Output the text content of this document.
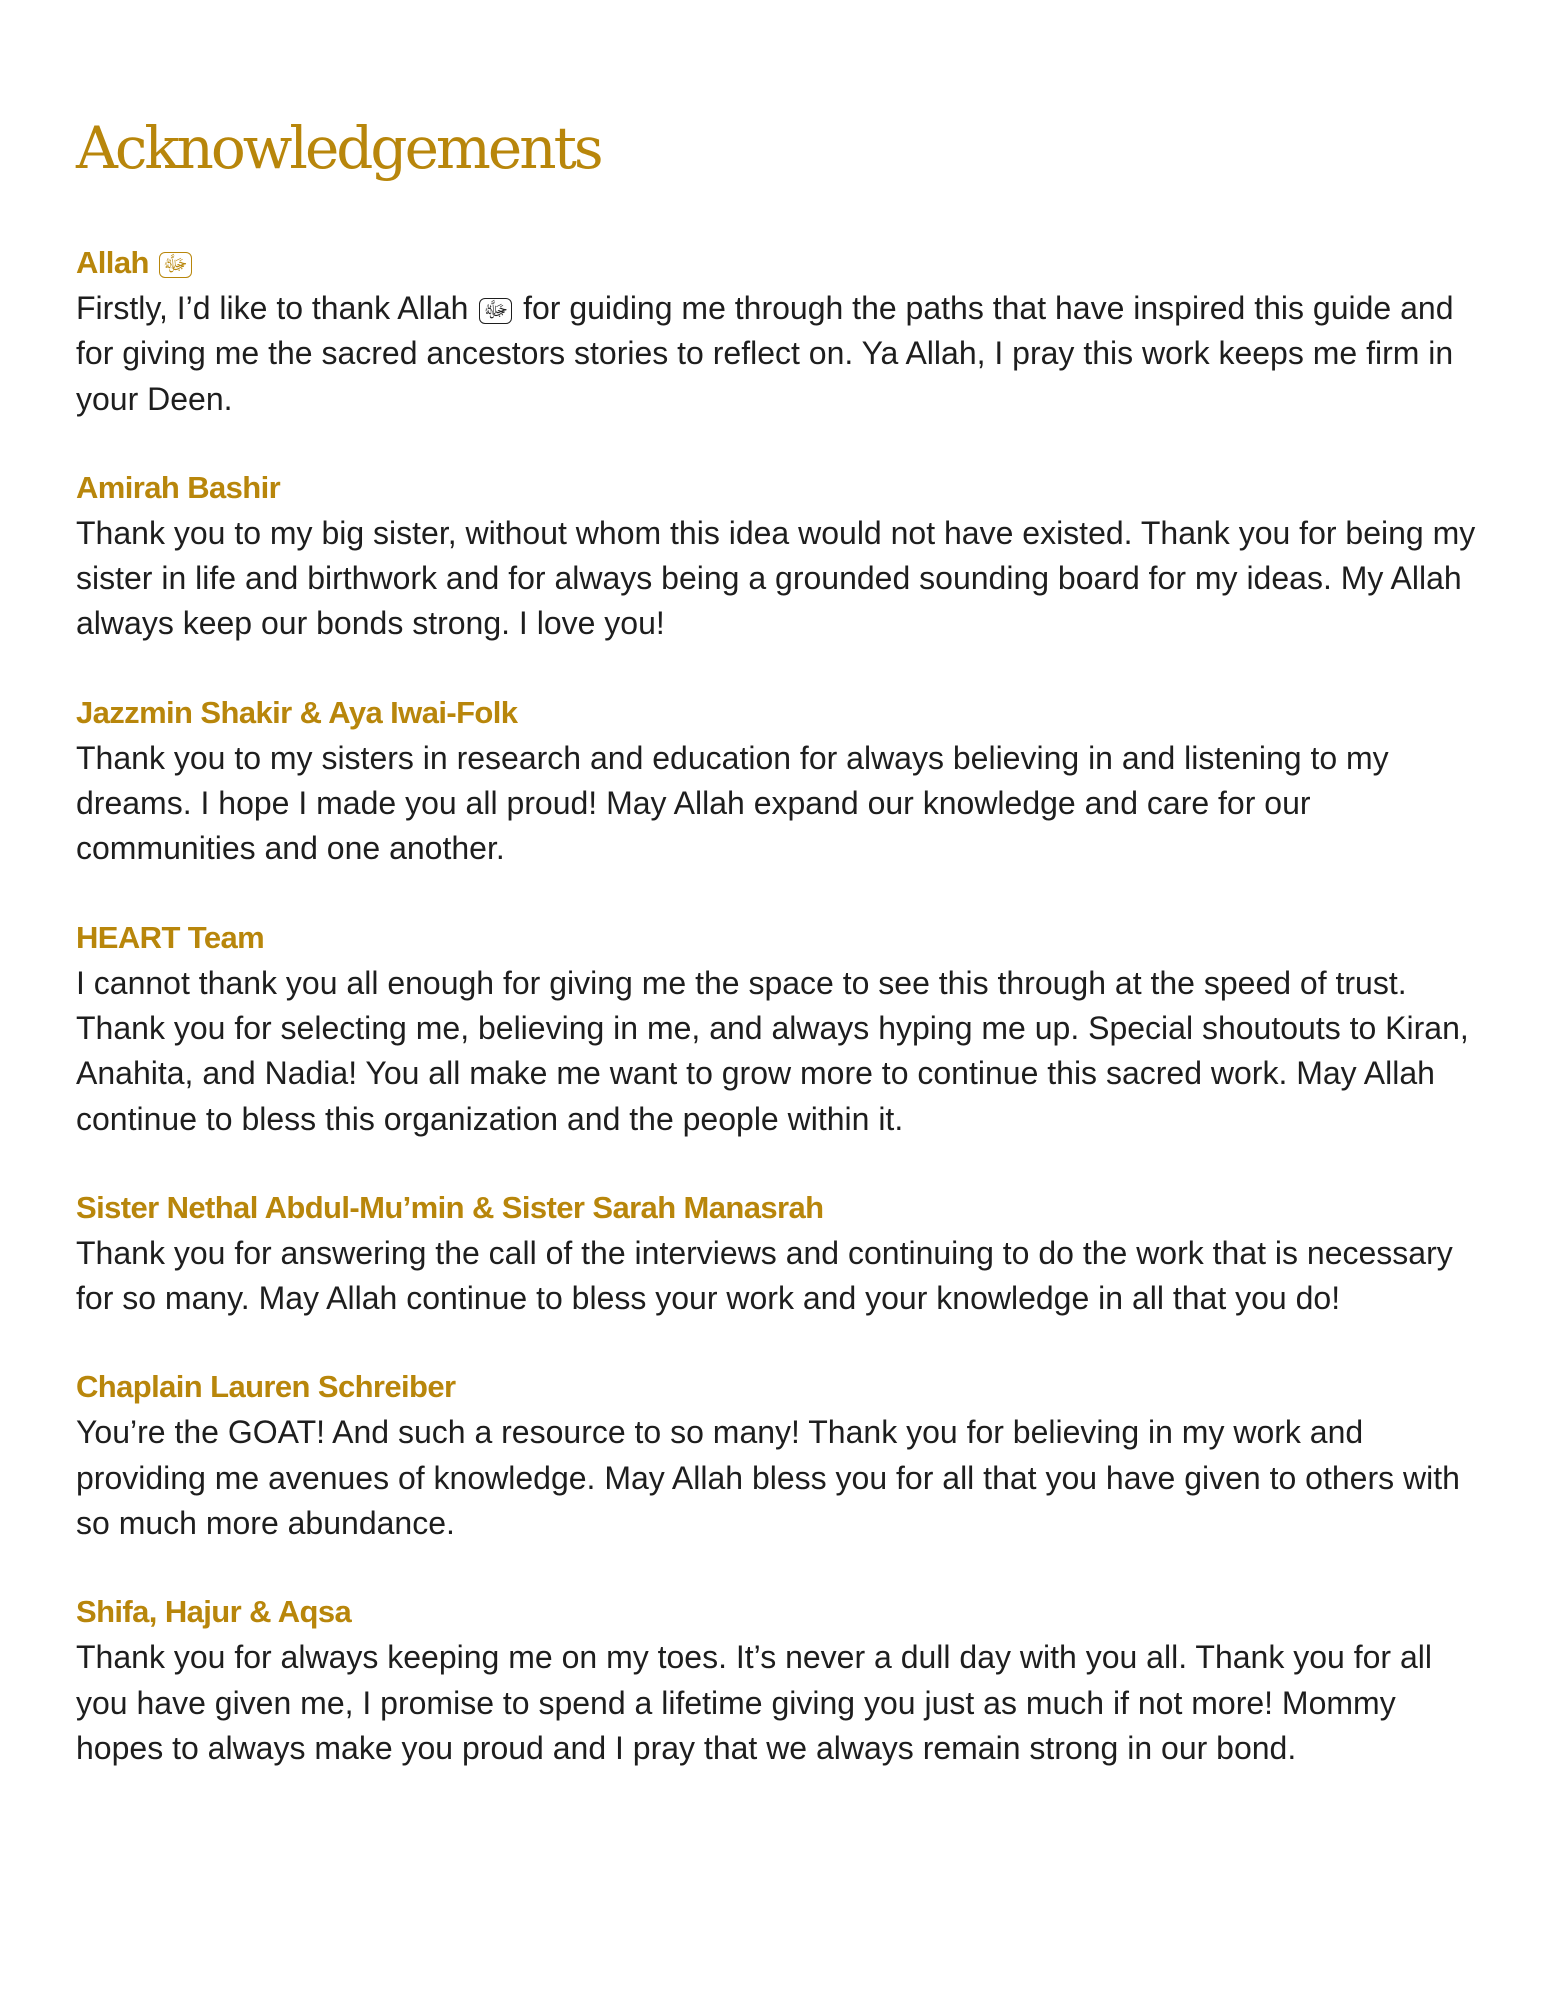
Acknowledgements
Allah ﷻ

Firstly, I’d like to thank Allah ﷻ for guiding me through the paths that have inspired this guide and for giving me the sacred ancestors stories to reflect on. Ya Allah, I pray this work keeps me firm in your Deen.

Amirah Bashir

Thank you to my big sister, without whom this idea would not have existed. Thank you for being my sister in life and birthwork and for always being a grounded sounding board for my ideas. My Allah always keep our bonds strong. I love you!

Jazzmin Shakir & Aya Iwai-Folk

Thank you to my sisters in research and education for always believing in and listening to my dreams. I hope I made you all proud! May Allah expand our knowledge and care for our communities and one another.

HEART Team

I cannot thank you all enough for giving me the space to see this through at the speed of trust. Thank you for selecting me, believing in me, and always hyping me up. Special shoutouts to Kiran, Anahita, and Nadia! You all make me want to grow more to continue this sacred work. May Allah continue to bless this organization and the people within it.

Sister Nethal Abdul-Mu’min & Sister Sarah Manasrah

Thank you for answering the call of the interviews and continuing to do the work that is necessary for so many. May Allah continue to bless your work and your knowledge in all that you do!

Chaplain Lauren Schreiber

You’re the GOAT! And such a resource to so many! Thank you for believing in my work and providing me avenues of knowledge. May Allah bless you for all that you have given to others with so much more abundance.

Shifa, Hajur & Aqsa

Thank you for always keeping me on my toes. It’s never a dull day with you all. Thank you for all you have given me, I promise to spend a lifetime giving you just as much if not more! Mommy hopes to always make you proud and I pray that we always remain strong in our bond.
